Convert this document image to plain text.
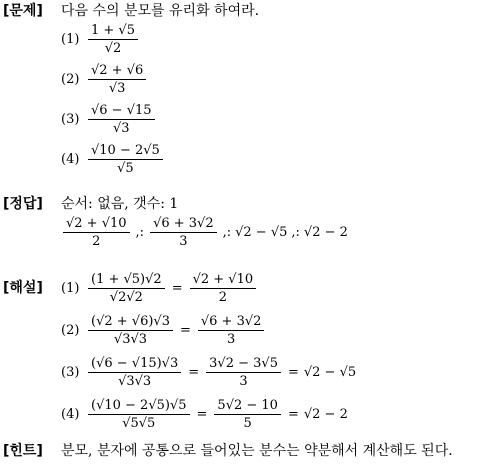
[문제] 다음 수의 분모를 유리화 하여라.
$(1) \frac{1 + √5}{√2}$
$(2) \frac{√2 + √6}{√3}$
$(3) \frac{√6 - √15}{√3}$
$(4) \frac{√10 - 2√5}{√5}$
[정답] 순서: 없음, 갯수: 1
$\frac{√2 + √10}{2}$ ,: $\frac{√6 + 3√2}{3}$ ,: √2 − √5 ,: √2 − 2
[해설] $(1) \frac{(1 + √5)√2}{√2√2} = \frac{√2 + √10}{2}$
$(2) \frac{(√2 + √6)√3}{√3√3} = \frac{√6 + 3√2}{3}$
$(3) \frac{(√6 - √15)√3}{√3√3} = \frac{3√2 - 3√5}{3} = √2 - √5$
$(4) \frac{(√10 - 2√5)√5}{√5√5} = \frac{5√2 - 10}{5} = √2 - 2$
[힌트] 분모, 분자에 공통으로 들어있는 분수는 약분해서 계산해도 된다.
